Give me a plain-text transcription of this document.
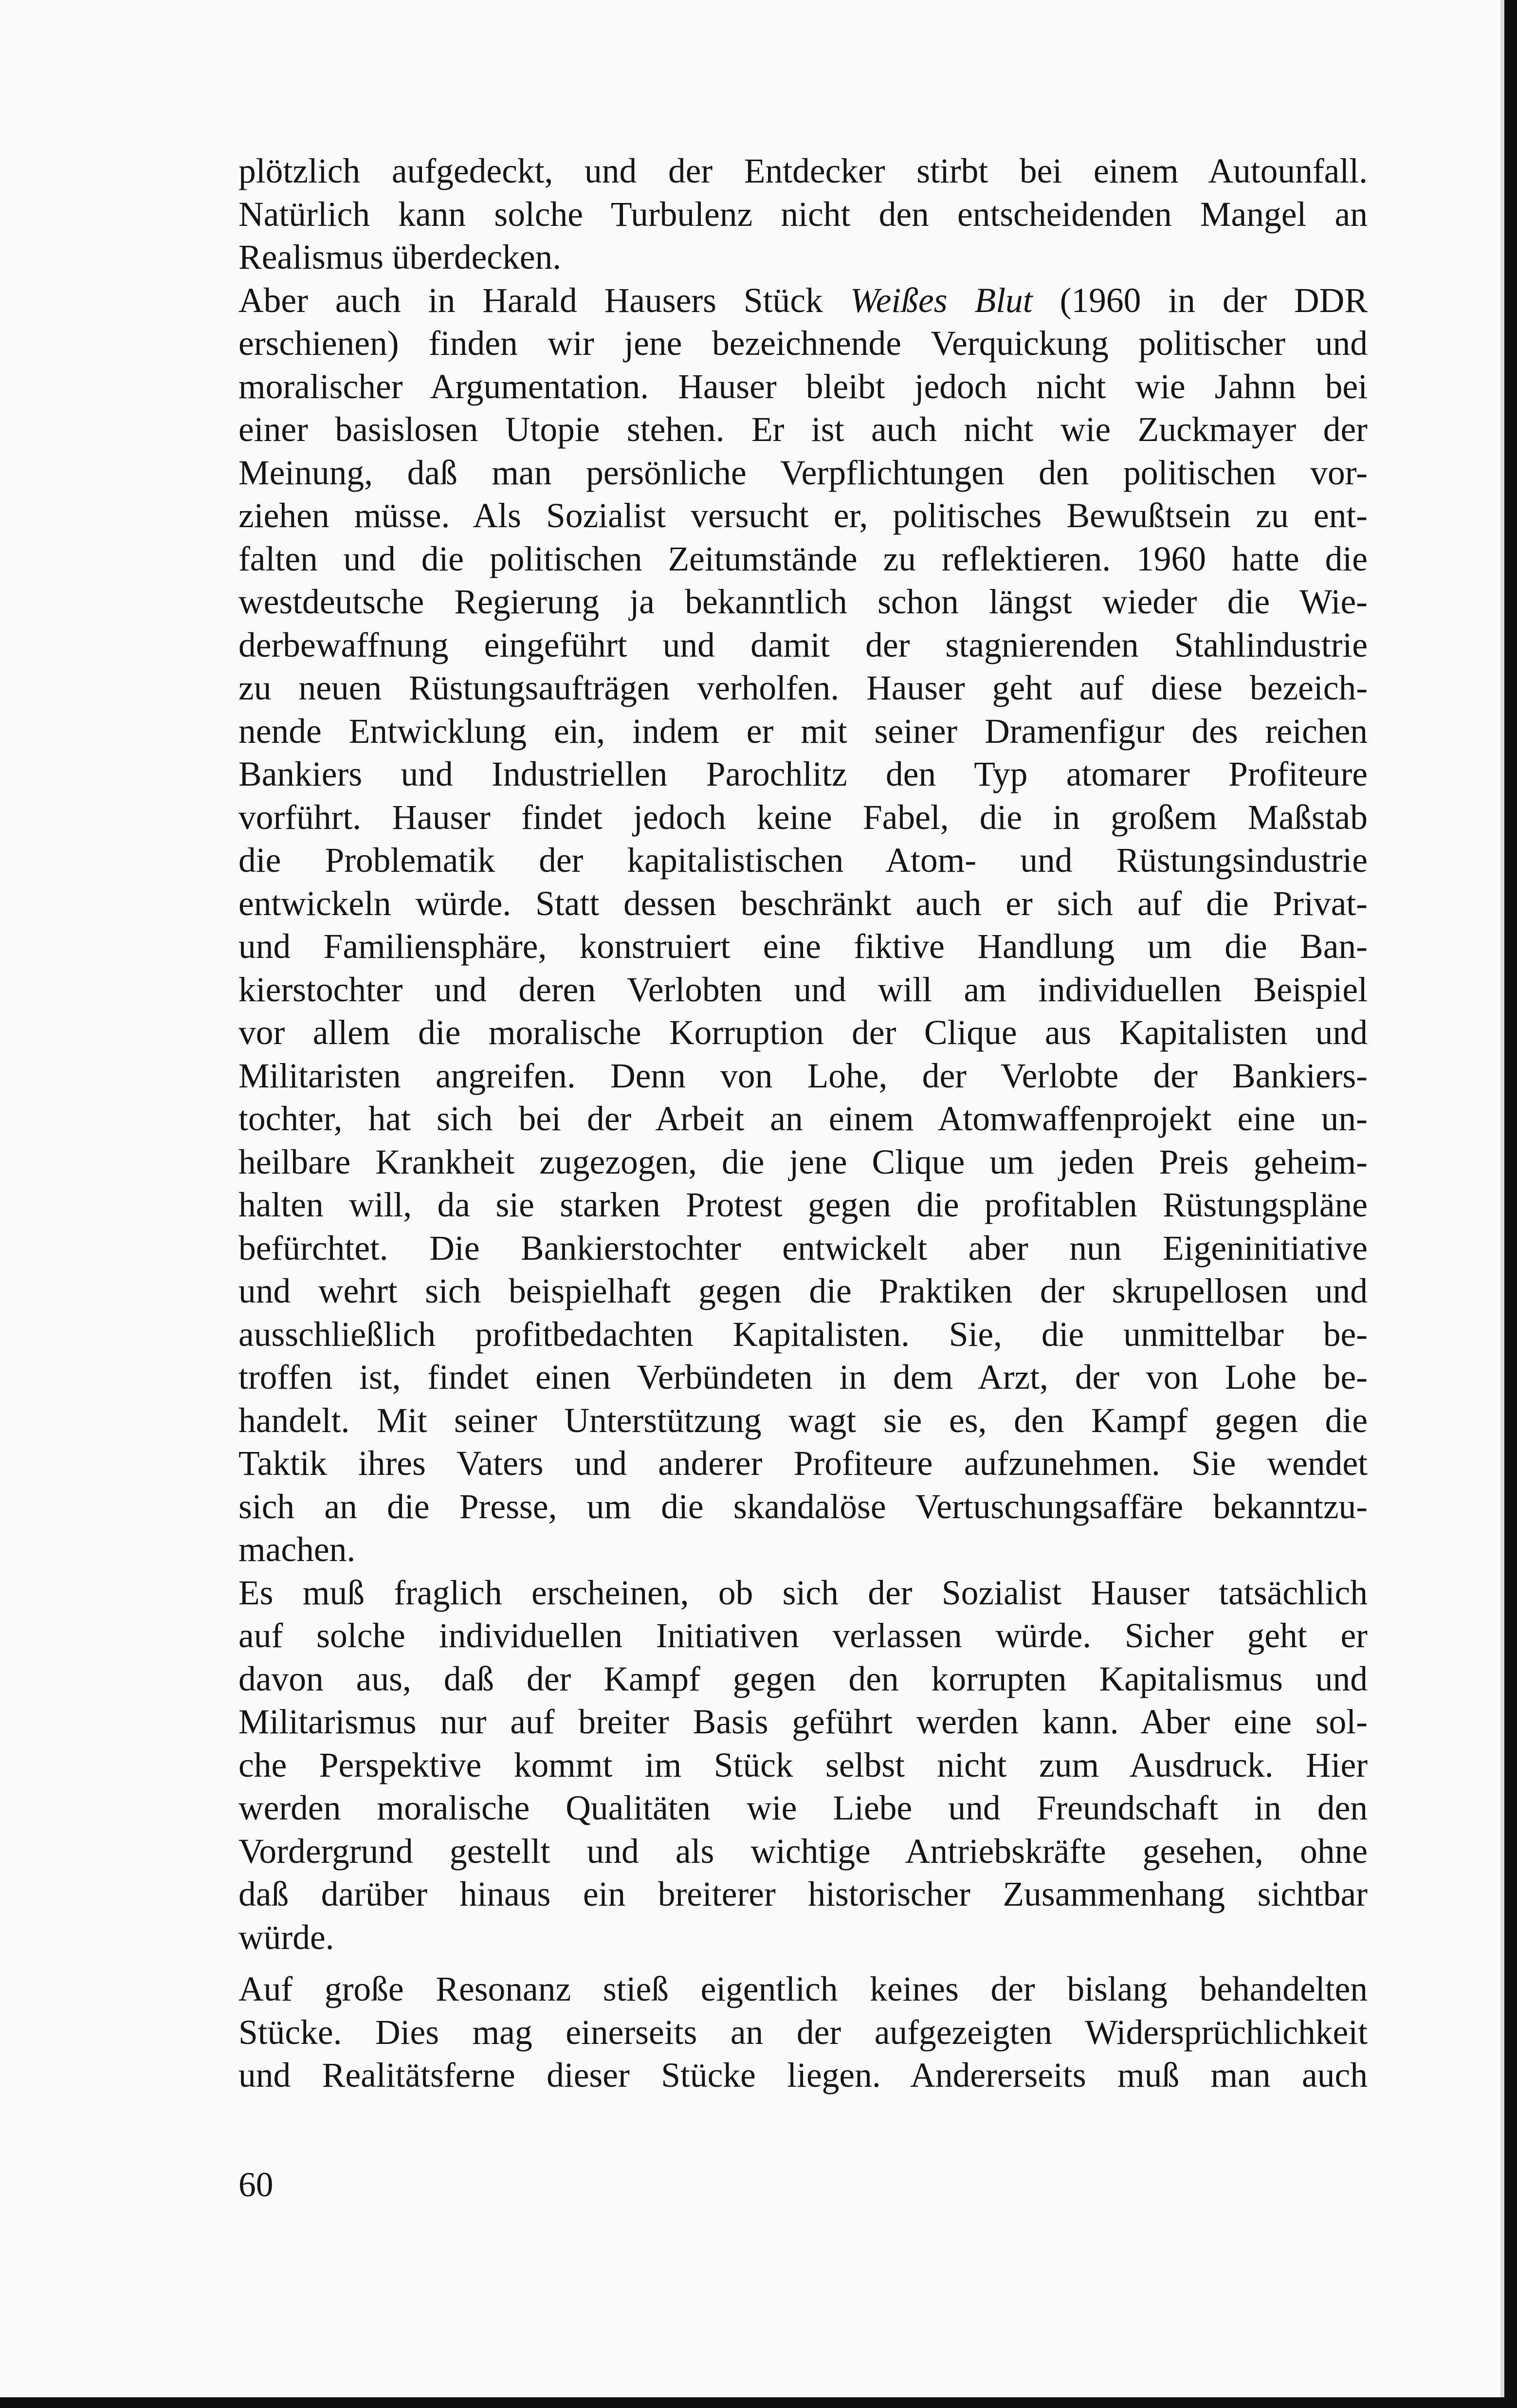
plötzlich aufgedeckt, und der Entdecker stirbt bei einem Autounfall.
Natürlich kann solche Turbulenz nicht den entscheidenden Mangel an
Realismus überdecken.
Aber auch in Harald Hausers Stück Weißes Blut (1960 in der DDR
erschienen) finden wir jene bezeichnende Verquickung politischer und
moralischer Argumentation. Hauser bleibt jedoch nicht wie Jahnn bei
einer basislosen Utopie stehen. Er ist auch nicht wie Zuckmayer der
Meinung, daß man persönliche Verpflichtungen den politischen vor-
ziehen müsse. Als Sozialist versucht er, politisches Bewußtsein zu ent-
falten und die politischen Zeitumstände zu reflektieren. 1960 hatte die
westdeutsche Regierung ja bekanntlich schon längst wieder die Wie-
derbewaffnung eingeführt und damit der stagnierenden Stahlindustrie
zu neuen Rüstungsaufträgen verholfen. Hauser geht auf diese bezeich-
nende Entwicklung ein, indem er mit seiner Dramenfigur des reichen
Bankiers und Industriellen Parochlitz den Typ atomarer Profiteure
vorführt. Hauser findet jedoch keine Fabel, die in großem Maßstab
die Problematik der kapitalistischen Atom- und Rüstungsindustrie
entwickeln würde. Statt dessen beschränkt auch er sich auf die Privat-
und Familiensphäre, konstruiert eine fiktive Handlung um die Ban-
kierstochter und deren Verlobten und will am individuellen Beispiel
vor allem die moralische Korruption der Clique aus Kapitalisten und
Militaristen angreifen. Denn von Lohe, der Verlobte der Bankiers-
tochter, hat sich bei der Arbeit an einem Atomwaffenprojekt eine un-
heilbare Krankheit zugezogen, die jene Clique um jeden Preis geheim-
halten will, da sie starken Protest gegen die profitablen Rüstungspläne
befürchtet. Die Bankierstochter entwickelt aber nun Eigeninitiative
und wehrt sich beispielhaft gegen die Praktiken der skrupellosen und
ausschließlich profitbedachten Kapitalisten. Sie, die unmittelbar be-
troffen ist, findet einen Verbündeten in dem Arzt, der von Lohe be-
handelt. Mit seiner Unterstützung wagt sie es, den Kampf gegen die
Taktik ihres Vaters und anderer Profiteure aufzunehmen. Sie wendet
sich an die Presse, um die skandalöse Vertuschungsaffäre bekanntzu-
machen.
Es muß fraglich erscheinen, ob sich der Sozialist Hauser tatsächlich
auf solche individuellen Initiativen verlassen würde. Sicher geht er
davon aus, daß der Kampf gegen den korrupten Kapitalismus und
Militarismus nur auf breiter Basis geführt werden kann. Aber eine sol-
che Perspektive kommt im Stück selbst nicht zum Ausdruck. Hier
werden moralische Qualitäten wie Liebe und Freundschaft in den
Vordergrund gestellt und als wichtige Antriebskräfte gesehen, ohne
daß darüber hinaus ein breiterer historischer Zusammenhang sichtbar
würde.
Auf große Resonanz stieß eigentlich keines der bislang behandelten
Stücke. Dies mag einerseits an der aufgezeigten Widersprüchlichkeit
und Realitätsferne dieser Stücke liegen. Andererseits muß man auch
60
